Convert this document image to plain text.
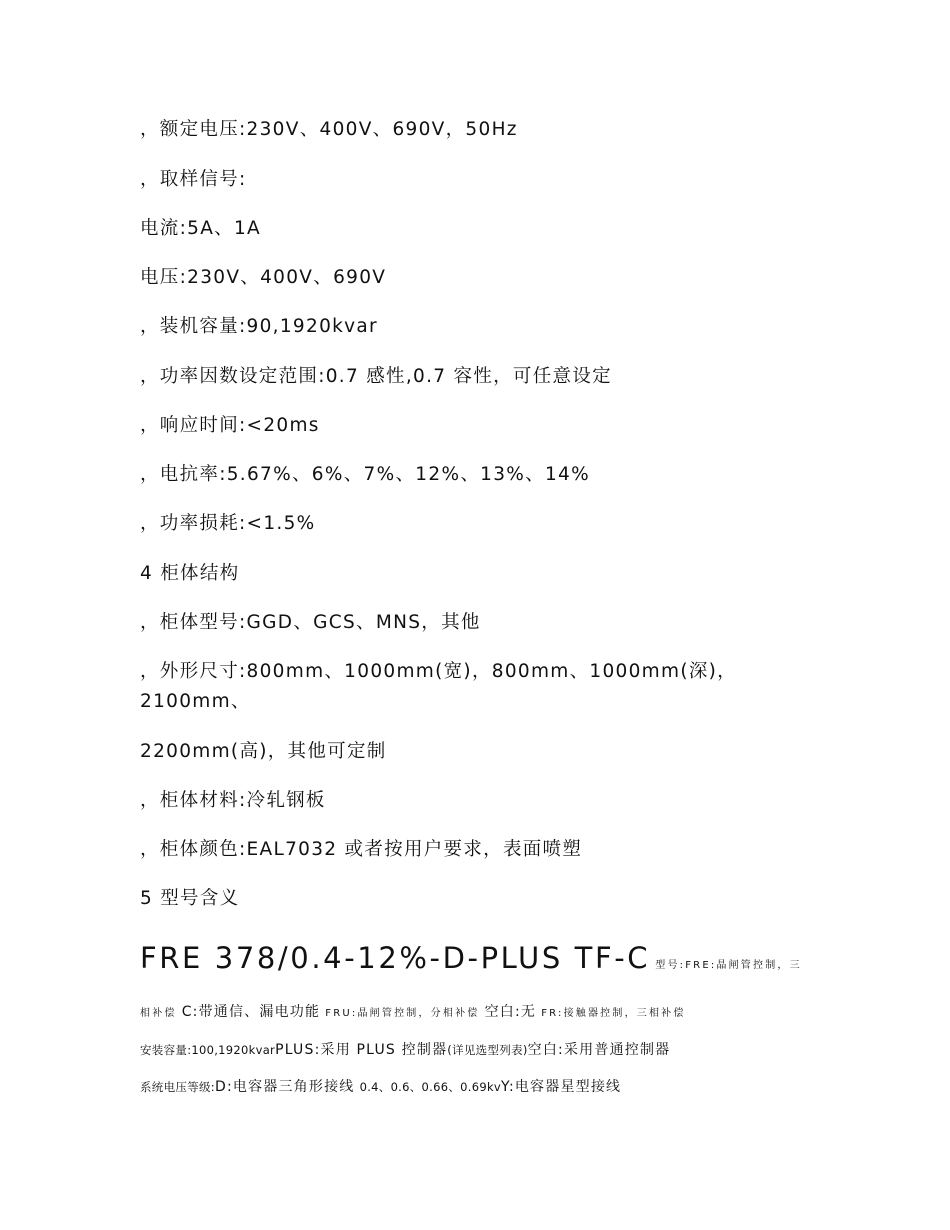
，额定电压:230V、400V、690V，50Hz
，取样信号:
电流:5A、1A
电压:230V、400V、690V
，装机容量:90,1920kvar
，功率因数设定范围:0.7 感性,0.7 容性，可任意设定
，响应时间:<20ms
，电抗率:5.67%、6%、7%、12%、13%、14%
，功率损耗:<1.5%
4 柜体结构
，柜体型号:GGD、GCS、MNS，其他
，外形尺寸:800mm、1000mm(宽)，800mm、1000mm(深)，
2100mm、
2200mm(高)，其他可定制
，柜体材料:冷轧钢板
，柜体颜色:EAL7032 或者按用户要求，表面喷塑
5 型号含义
FRE 378/0.4-12%-D-PLUS TF-C 型号:FRE:晶闸管控制，三
相补偿 C:带通信、漏电功能 FRU:晶闸管控制，分相补偿 空白:无 FR:接触器控制，三相补偿
安装容量:100,1920kvarPLUS:采用 PLUS 控制器(详见选型列表)空白:采用普通控制器
系统电压等级:D:电容器三角形接线 0.4、0.6、0.66、0.69kvY:电容器星型接线
